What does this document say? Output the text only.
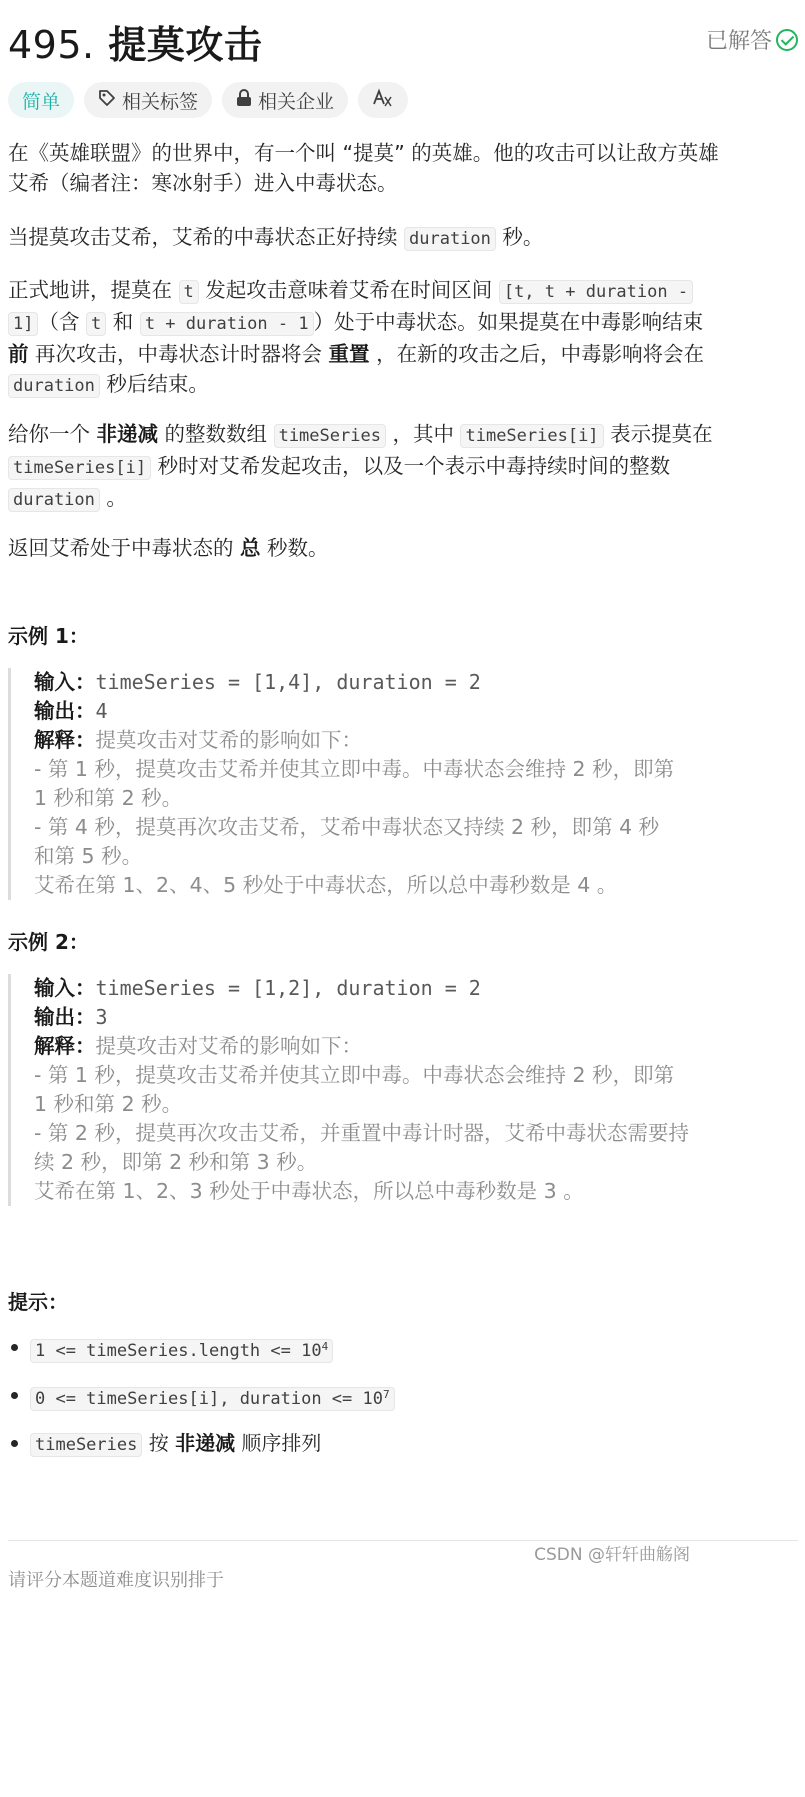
495. 提莫攻击	已解答
简单	相关标签	相关企业
在《英雄联盟》的世界中，有一个叫 “提莫” 的英雄。他的攻击可以让敌方英雄
艾希（编者注：寒冰射手）进入中毒状态。
当提莫攻击艾希，艾希的中毒状态正好持续 duration 秒。
正式地讲，提莫在 t 发起攻击意味着艾希在时间区间 [t, t + duration -
1] （含 t 和 t + duration - 1 ）处于中毒状态。如果提莫在中毒影响结束
前 再次攻击，中毒状态计时器将会 重置 ，在新的攻击之后，中毒影响将会在
duration 秒后结束。
给你一个 非递减 的整数数组 timeSeries ，其中 timeSeries[i] 表示提莫在
timeSeries[i] 秒时对艾希发起攻击，以及一个表示中毒持续时间的整数
duration 。
返回艾希处于中毒状态的 总 秒数。
示例 1：
输入：timeSeries = [1,4], duration = 2
输出：4
解释：提莫攻击对艾希的影响如下：
- 第 1 秒，提莫攻击艾希并使其立即中毒。中毒状态会维持 2 秒，即第
1 秒和第 2 秒。
- 第 4 秒，提莫再次攻击艾希，艾希中毒状态又持续 2 秒，即第 4 秒
和第 5 秒。
艾希在第 1、2、4、5 秒处于中毒状态，所以总中毒秒数是 4 。
示例 2：
输入：timeSeries = [1,2], duration = 2
输出：3
解释：提莫攻击对艾希的影响如下：
- 第 1 秒，提莫攻击艾希并使其立即中毒。中毒状态会维持 2 秒，即第
1 秒和第 2 秒。
- 第 2 秒，提莫再次攻击艾希，并重置中毒计时器，艾希中毒状态需要持
续 2 秒，即第 2 秒和第 3 秒。
艾希在第 1、2、3 秒处于中毒状态，所以总中毒秒数是 3 。
提示：
1 <= timeSeries.length <= $10^4$
0 <= timeSeries[i], duration <= $10^7$
timeSeries 按 非递减 顺序排列
CSDN @轩轩曲觞阁
请评分本题道难度识别排于
